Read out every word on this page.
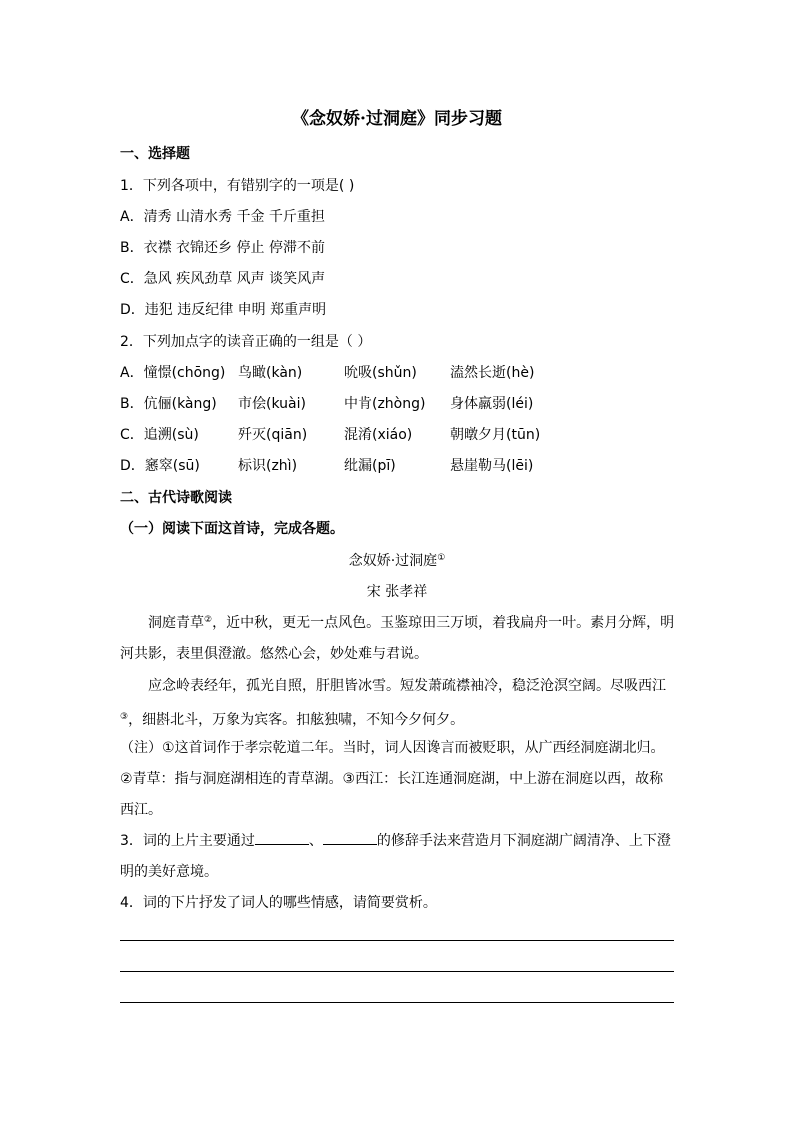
《念奴娇·过洞庭》同步习题
一、选择题
1．下列各项中，有错别字的一项是( )
A．清秀 山清水秀 千金 千斤重担
B．衣襟 衣锦还乡 停止 停滞不前
C．急风 疾风劲草 风声 谈笑风声
D．违犯 违反纪律 申明 郑重声明
2．下列加点字的读音正确的一组是（ ）
A．憧憬(chōng) 鸟瞰(kàn)	吮吸(shǔn) 溘然长逝(hè)
B．伉俪(kàng) 市侩(kuài)	中肯(zhòng) 身体羸弱(léi)
C．追溯(sù)	歼灭(qiān)	混淆(xiáo)	朝暾夕月(tūn)
D．窸窣(sū)	标识(zhì)	纰漏(pī)	悬崖勒马(lēi)
二、古代诗歌阅读
（一）阅读下面这首诗，完成各题。
念奴娇·过洞庭①
宋 张孝祥
洞庭青草②，近中秋，更无一点风色。玉鉴琼田三万顷，着我扁舟一叶。素月分辉，明河共影，表里俱澄澈。悠然心会，妙处难与君说。
应念岭表经年，孤光自照，肝胆皆冰雪。短发萧疏襟袖冷，稳泛沧溟空阔。尽吸西江③，细斟北斗，万象为宾客。扣舷独啸，不知今夕何夕。
（注）①这首词作于孝宗乾道二年。当时，词人因谗言而被贬职，从广西经洞庭湖北归。②青草：指与洞庭湖相连的青草湖。③西江：长江连通洞庭湖，中上游在洞庭以西，故称西江。
3．词的上片主要通过	、	的修辞手法来营造月下洞庭湖广阔清净、上下澄明的美好意境。
4．词的下片抒发了词人的哪些情感，请简要赏析。
